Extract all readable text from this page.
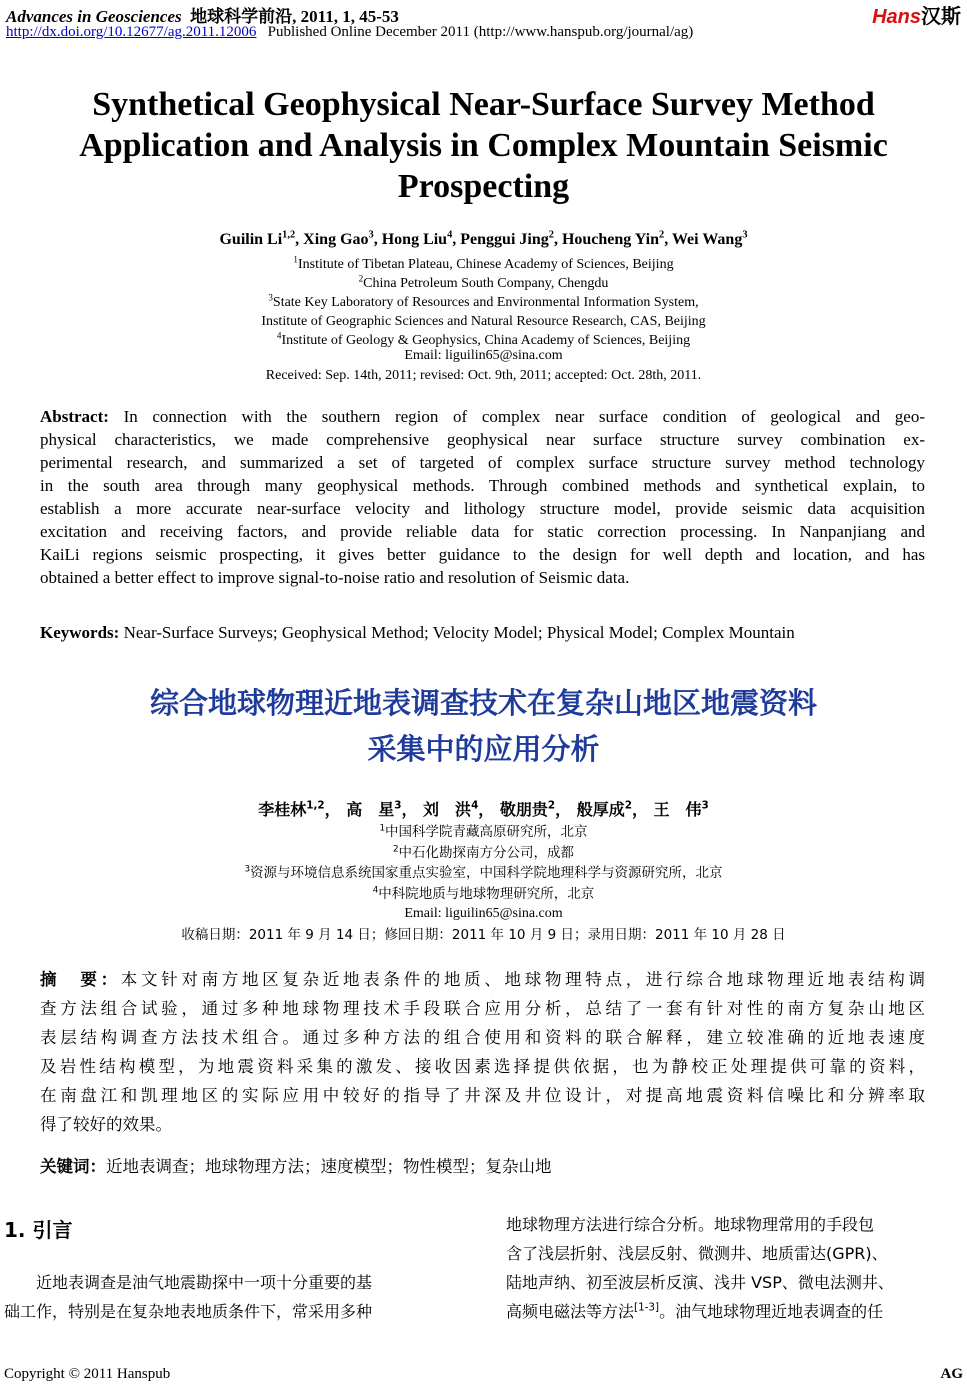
Advances in Geosciences 地球科学前沿, 2011, 1, 45-53
http://dx.doi.org/10.12677/ag.2011.12006 Published Online December 2011 (http://www.hanspub.org/journal/ag)
Hans汉斯
Synthetical Geophysical Near-Surface Survey Method
Application and Analysis in Complex Mountain Seismic
Prospecting
Guilin Li$^{1,2}$, Xing Gao$^3$, Hong Liu$^4$, Penggui Jing$^2$, Houcheng Yin$^2$, Wei Wang$^3$
$^1$Institute of Tibetan Plateau, Chinese Academy of Sciences, Beijing
$^2$China Petroleum South Company, Chengdu
$^3$State Key Laboratory of Resources and Environmental Information System,
Institute of Geographic Sciences and Natural Resource Research, CAS, Beijing
$^4$Institute of Geology & Geophysics, China Academy of Sciences, Beijing
Email: liguilin65@sina.com
Received: Sep. 14th, 2011; revised: Oct. 9th, 2011; accepted: Oct. 28th, 2011.
Abstract: In connection with the southern region of complex near surface condition of geological and geo-
physical characteristics, we made comprehensive geophysical near surface structure survey combination ex-
perimental research, and summarized a set of targeted of complex surface structure survey method technology
in the south area through many geophysical methods. Through combined methods and synthetical explain, to
establish a more accurate near-surface velocity and lithology structure model, provide seismic data acquisition
excitation and receiving factors, and provide reliable data for static correction processing. In Nanpanjiang and
KaiLi regions seismic prospecting, it gives better guidance to the design for well depth and location, and has
obtained a better effect to improve signal-to-noise ratio and resolution of Seismic data.
Keywords: Near-Surface Surveys; Geophysical Method; Velocity Model; Physical Model; Complex Mountain
综合地球物理近地表调查技术在复杂山地区地震资料
采集中的应用分析
李桂林$^{1,2}$， 高　星$^3$， 刘　洪$^4$， 敬朋贵$^2$， 般厚成$^2$， 王　伟$^3$
$^1$中国科学院青藏高原研究所，北京
$^2$中石化勘探南方分公司，成都
$^3$资源与环境信息系统国家重点实验室，中国科学院地理科学与资源研究所，北京
$^4$中科院地质与地球物理研究所，北京
Email: liguilin65@sina.com
收稿日期：2011 年 9 月 14 日；修回日期：2011 年 10 月 9 日；录用日期：2011 年 10 月 28 日
摘　要：本文针对南方地区复杂近地表条件的地质、地球物理特点，进行综合地球物理近地表结构调
查方法组合试验，通过多种地球物理技术手段联合应用分析，总结了一套有针对性的南方复杂山地区
表层结构调查方法技术组合。通过多种方法的组合使用和资料的联合解释，建立较准确的近地表速度
及岩性结构模型，为地震资料采集的激发、接收因素选择提供依据，也为静校正处理提供可靠的资料，
在南盘江和凯理地区的实际应用中较好的指导了井深及井位设计，对提高地震资料信噪比和分辨率取
得了较好的效果。
关键词：近地表调查；地球物理方法；速度模型；物性模型；复杂山地
1. 引言
　　近地表调查是油气地震勘探中一项十分重要的基
础工作，特别是在复杂地表地质条件下，常采用多种
地球物理方法进行综合分析。地球物理常用的手段包
含了浅层折射、浅层反射、微测井、地质雷达(GPR)、
陆地声纳、初至波层析反演、浅井 VSP、微电法测井、
高频电磁法等方法[1-3]。油气地球物理近地表调查的任
Copyright © 2011 Hanspub	AG
